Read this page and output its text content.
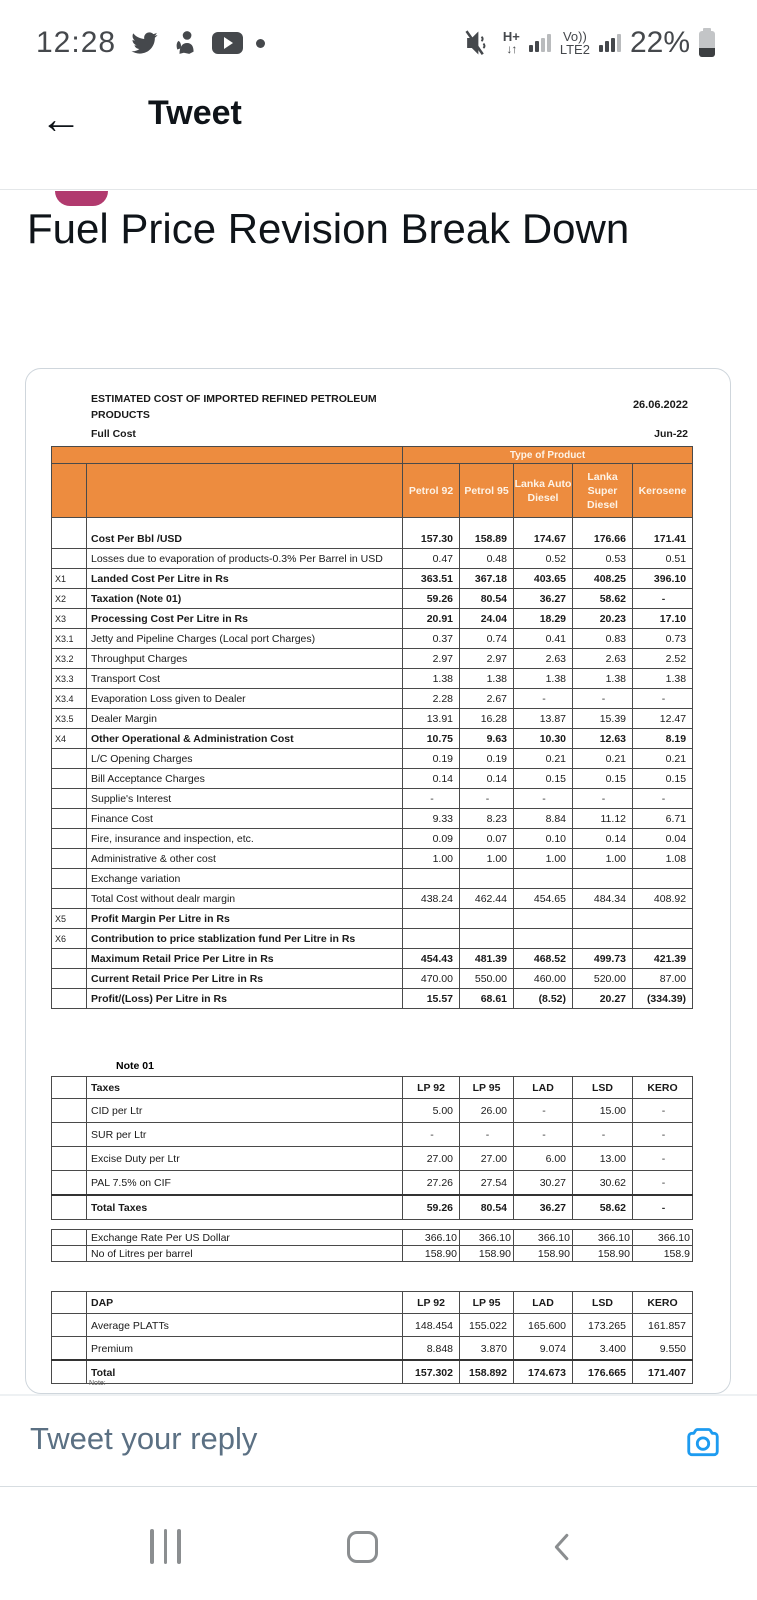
12:28	H+
↓↑
Vo))
LTE2 22%
← Tweet
Fuel Price Revision Break Down
ESTIMATED COST OF IMPORTED REFINED PETROLEUM PRODUCTS
26.06.2022
Full Cost	Jun-22
		Type of Product				
		Petrol 92	Petrol 95	Lanka Auto Diesel	Lanka Super Diesel	Kerosene
	Cost Per Bbl /USD	157.30	158.89	174.67	176.66	171.41
	Losses due to evaporation of products-0.3% Per Barrel in USD	0.47	0.48	0.52	0.53	0.51
X1	Landed Cost Per Litre in Rs	363.51	367.18	403.65	408.25	396.10
X2	Taxation (Note 01)	59.26	80.54	36.27	58.62	-
X3	Processing Cost Per Litre in Rs	20.91	24.04	18.29	20.23	17.10
X3.1	Jetty and Pipeline Charges (Local port Charges)	0.37	0.74	0.41	0.83	0.73
X3.2	Throughput Charges	2.97	2.97	2.63	2.63	2.52
X3.3	Transport Cost	1.38	1.38	1.38	1.38	1.38
X3.4	Evaporation Loss given to Dealer	2.28	2.67	-	-	-
X3.5	Dealer Margin	13.91	16.28	13.87	15.39	12.47
X4	Other Operational & Administration Cost	10.75	9.63	10.30	12.63	8.19
	L/C Opening Charges	0.19	0.19	0.21	0.21	0.21
	Bill Acceptance Charges	0.14	0.14	0.15	0.15	0.15
	Supplie's Interest	-	-	-	-	-
	Finance Cost	9.33	8.23	8.84	11.12	6.71
	Fire, insurance and inspection, etc.	0.09	0.07	0.10	0.14	0.04
	Administrative & other cost	1.00	1.00	1.00	1.00	1.08
	Exchange variation					
	Total Cost without dealr margin	438.24	462.44	454.65	484.34	408.92
X5	Profit Margin Per Litre in Rs					
X6	Contribution to price stablization fund Per Litre in Rs					
	Maximum Retail Price Per Litre in Rs	454.43	481.39	468.52	499.73	421.39
	Current Retail Price Per Litre in Rs	470.00	550.00	460.00	520.00	87.00
	Profit/(Loss) Per Litre in Rs	15.57	68.61	(8.52)	20.27	(334.39)
Note 01
	Taxes	LP 92	LP 95	LAD	LSD	KERO
	CID per Ltr	5.00	26.00	-	15.00	-
	SUR per Ltr	-	-	-	-	-
	Excise Duty per Ltr	27.00	27.00	6.00	13.00	-
	PAL 7.5% on CIF	27.26	27.54	30.27	30.62	-
	Total Taxes	59.26	80.54	36.27	58.62	-
	Exchange Rate Per US Dollar	366.10	366.10	366.10	366.10	366.10
	No of Litres per barrel	158.90	158.90	158.90	158.90	158.9
	DAP	LP 92	LP 95	LAD	LSD	KERO
	Average PLATTs	148.454	155.022	165.600	173.265	161.857
	Premium	8.848	3.870	9.074	3.400	9.550
	Total	157.302	158.892	174.673	176.665	171.407
Note:
Tweet your reply
